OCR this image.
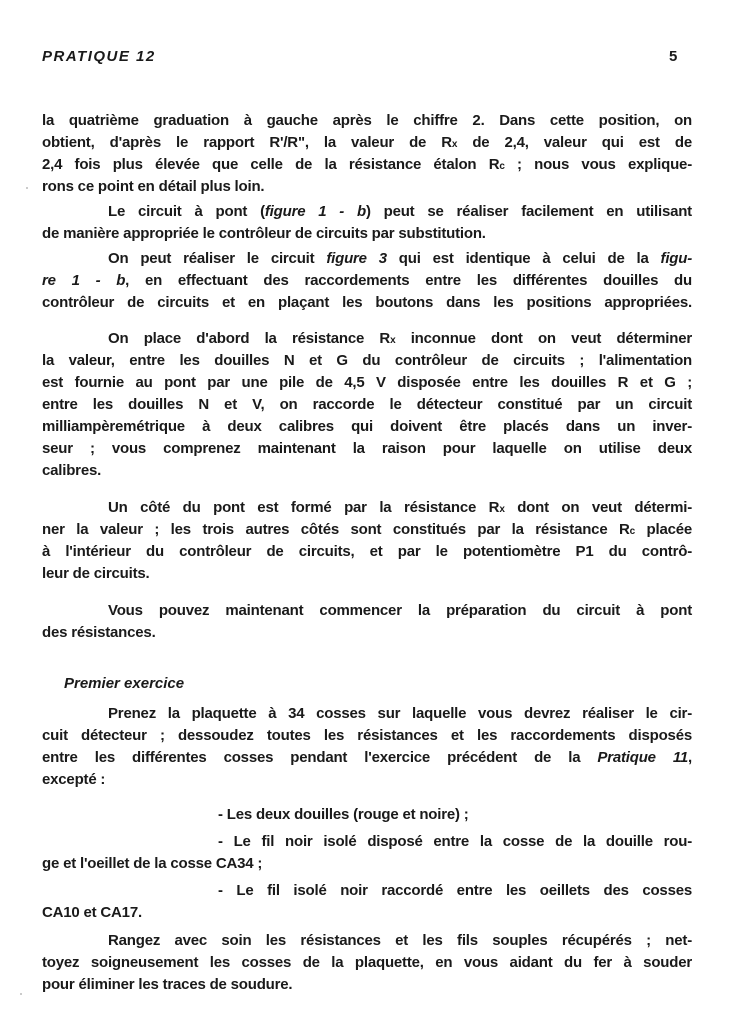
PRATIQUE 12	5
la quatrième graduation à gauche après le chiffre 2. Dans cette position, on
obtient, d'après le rapport R'/R", la valeur de Rx de 2,4, valeur qui est de
2,4 fois plus élevée que celle de la résistance étalon Rc ; nous vous explique-
rons ce point en détail plus loin.
Le circuit à pont (figure 1 - b) peut se réaliser facilement en utilisant
de manière appropriée le contrôleur de circuits par substitution.
On peut réaliser le circuit figure 3 qui est identique à celui de la figu-
re 1 - b, en effectuant des raccordements entre les différentes douilles du
contrôleur de circuits et en plaçant les boutons dans les positions appropriées.
On place d'abord la résistance Rx inconnue dont on veut déterminer
la valeur, entre les douilles N et G du contrôleur de circuits ; l'alimentation
est fournie au pont par une pile de 4,5 V disposée entre les douilles R et G ;
entre les douilles N et V, on raccorde le détecteur constitué par un circuit
milliampèremétrique à deux calibres qui doivent être placés dans un inver-
seur ; vous comprenez maintenant la raison pour laquelle on utilise deux
calibres.
Un côté du pont est formé par la résistance Rx dont on veut détermi-
ner la valeur ; les trois autres côtés sont constitués par la résistance Rc placée
à l'intérieur du contrôleur de circuits, et par le potentiomètre P1 du contrô-
leur de circuits.
Vous pouvez maintenant commencer la préparation du circuit à pont
des résistances.
Premier exercice
Prenez la plaquette à 34 cosses sur laquelle vous devrez réaliser le cir-
cuit détecteur ; dessoudez toutes les résistances et les raccordements disposés
entre les différentes cosses pendant l'exercice précédent de la Pratique 11,
excepté :
- Les deux douilles (rouge et noire) ;
- Le fil noir isolé disposé entre la cosse de la douille rou-
ge et l'oeillet de la cosse CA34 ;
- Le fil isolé noir raccordé entre les oeillets des cosses
CA10 et CA17.
Rangez avec soin les résistances et les fils souples récupérés ; net-
toyez soigneusement les cosses de la plaquette, en vous aidant du fer à souder
pour éliminer les traces de soudure.
